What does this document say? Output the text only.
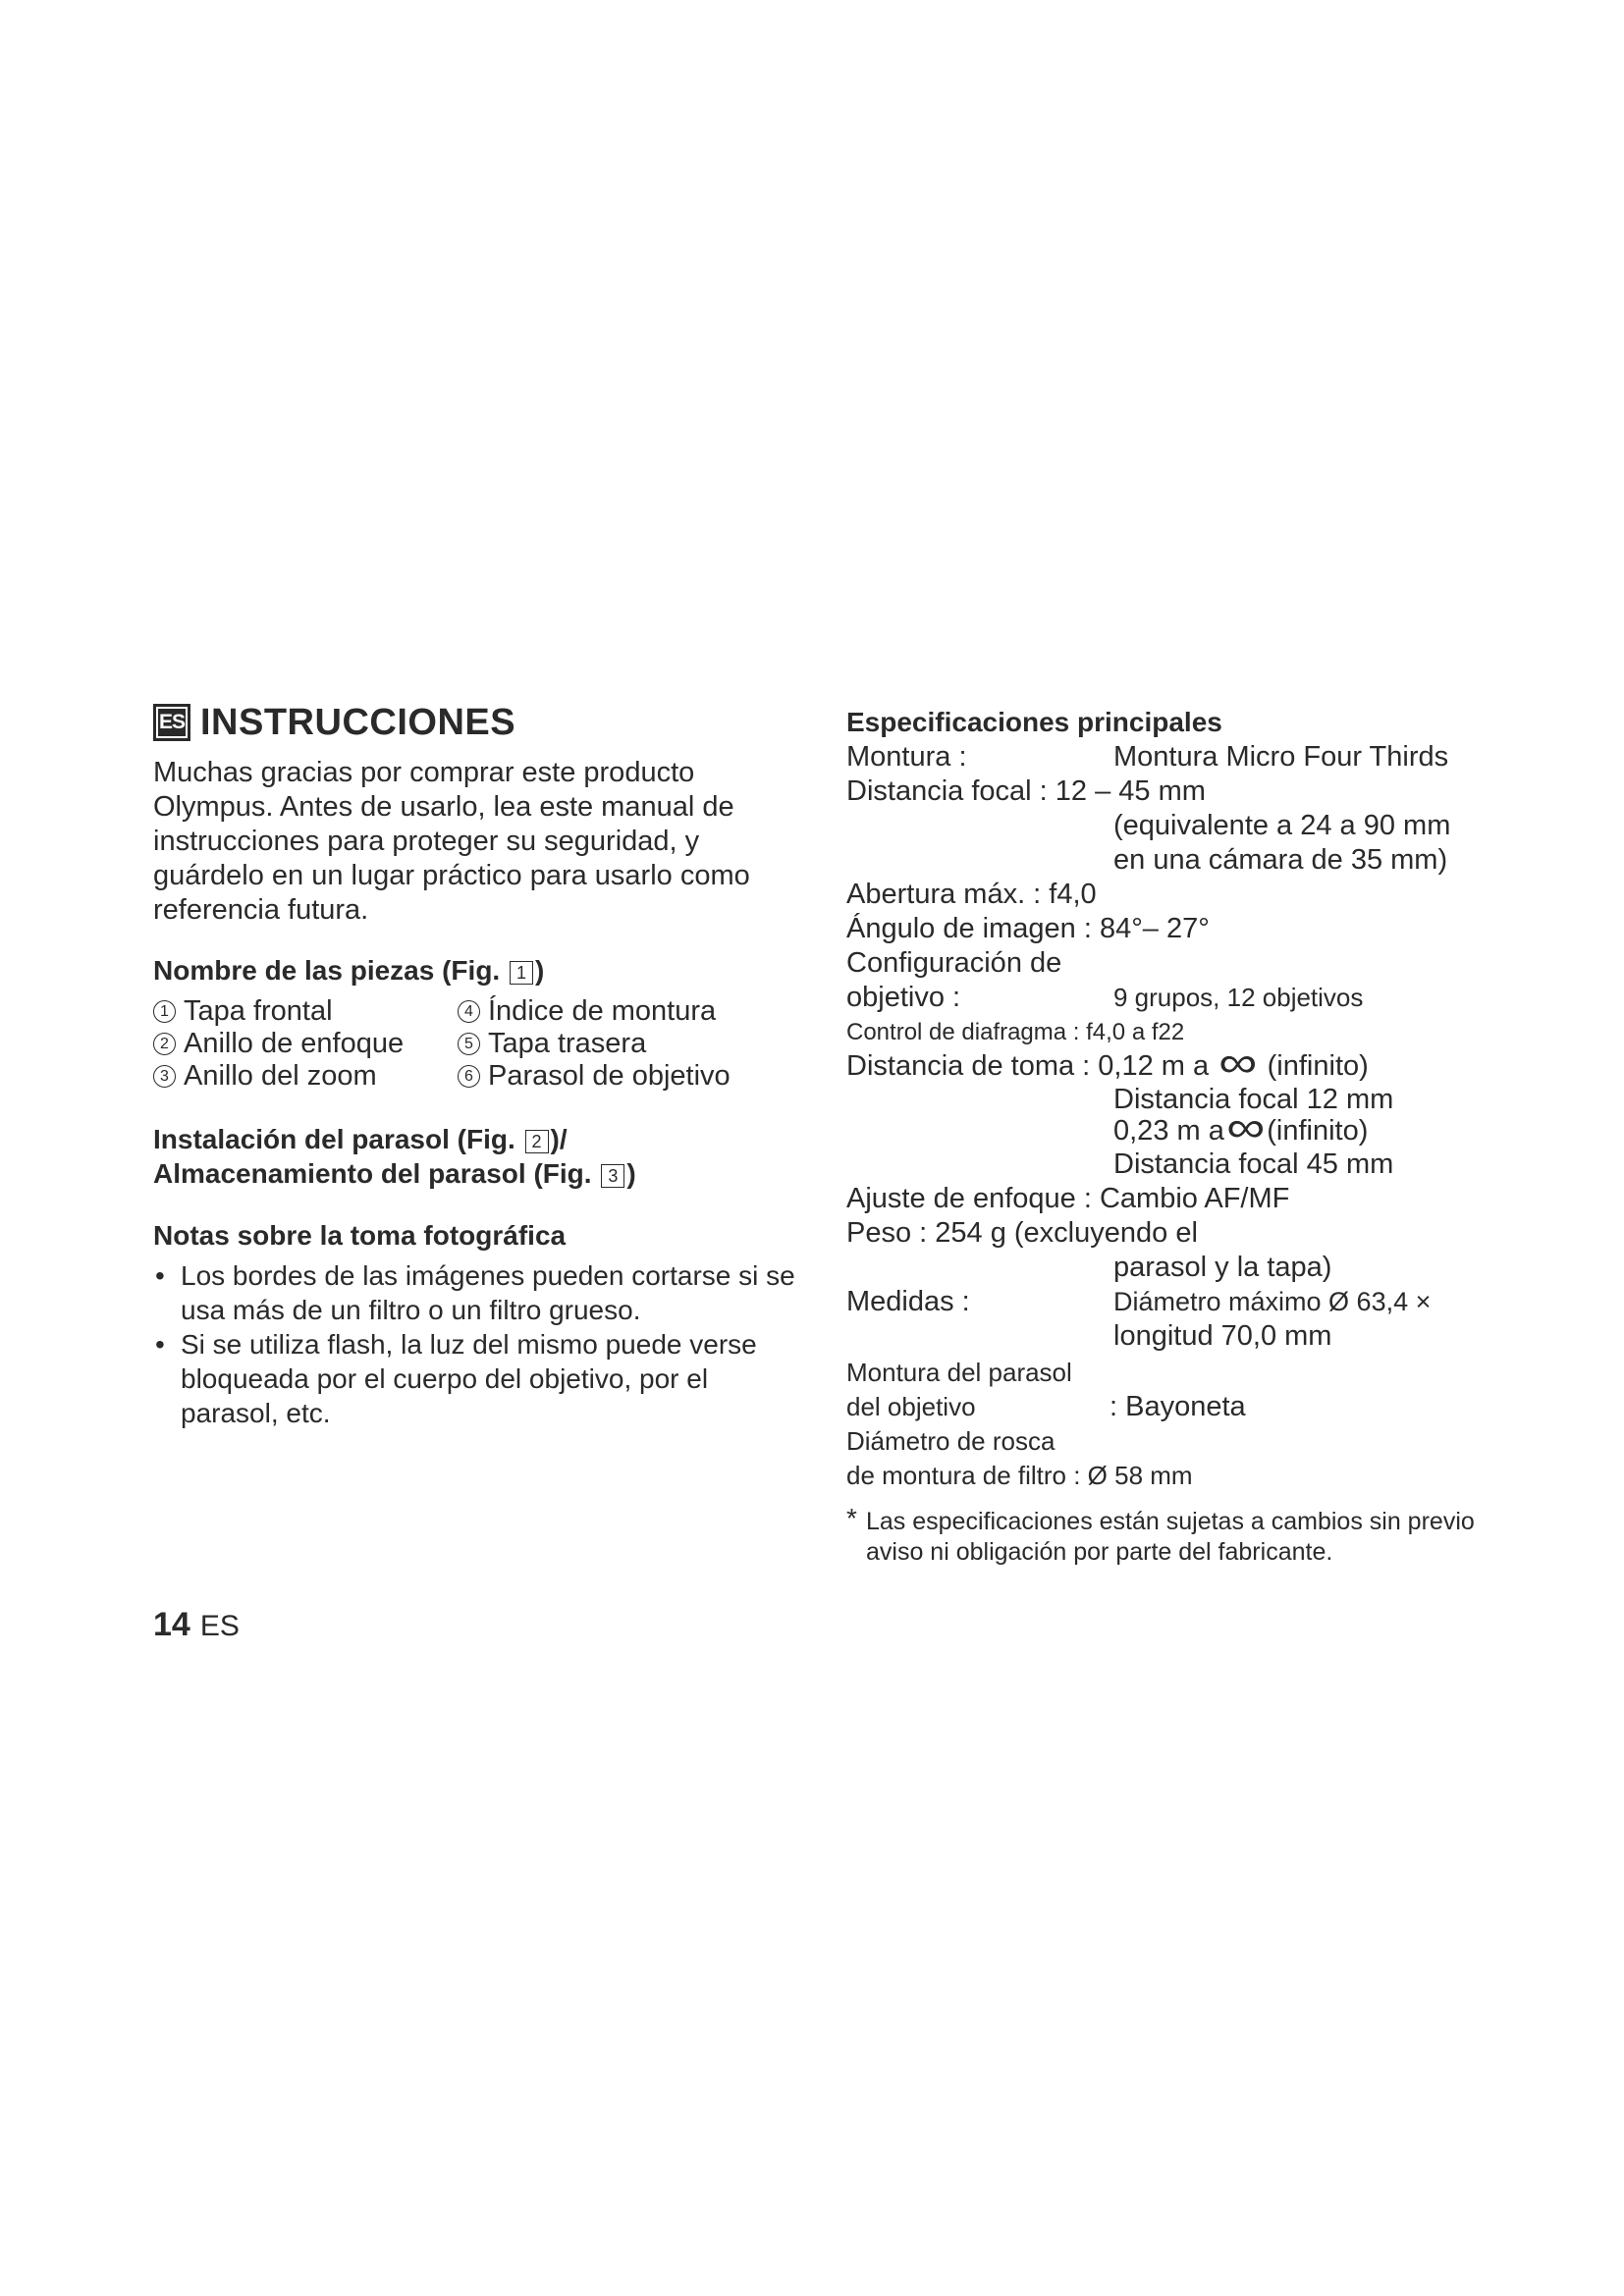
ES INSTRUCCIONES
Muchas gracias por comprar este producto Olympus. Antes de usarlo, lea este manual de instrucciones para proteger su seguridad, y guárdelo en un lugar práctico para usarlo como referencia futura.
Nombre de las piezas (Fig. 1 )
1 Tapa frontal	4 Índice de montura
2 Anillo de enfoque	5 Tapa trasera
3 Anillo del zoom	6 Parasol de objetivo
Instalación del parasol (Fig. 2 )/
Almacenamiento del parasol (Fig. 3 )
Notas sobre la toma fotográfica
• Los bordes de las imágenes pueden cortarse si se usa más de un filtro o un filtro grueso.
• Si se utiliza flash, la luz del mismo puede verse bloqueada por el cuerpo del objetivo, por el parasol, etc.
14 ES
Especificaciones principales
Montura :	Montura Micro Four Thirds
Distancia focal : 12 – 45 mm
(equivalente a 24 a 90 mm
en una cámara de 35 mm)
Abertura máx. : f4,0
Ángulo de imagen : 84°– 27°
Configuración de
objetivo :	9 grupos, 12 objetivos
Control de diafragma : f4,0 a f22
Distancia de toma : 0,12 m a ∞ (infinito)
Distancia focal 12 mm
0,23 m a∞(infinito)
Distancia focal 45 mm
Ajuste de enfoque : Cambio AF/MF
Peso : 254 g (excluyendo el
parasol y la tapa)
Medidas :	Diámetro máximo Ø 63,4 ×
longitud 70,0 mm
Montura del parasol
del objetivo	: Bayoneta
Diámetro de rosca
de montura de filtro : Ø 58 mm
* Las especificaciones están sujetas a cambios sin previo aviso ni obligación por parte del fabricante.
